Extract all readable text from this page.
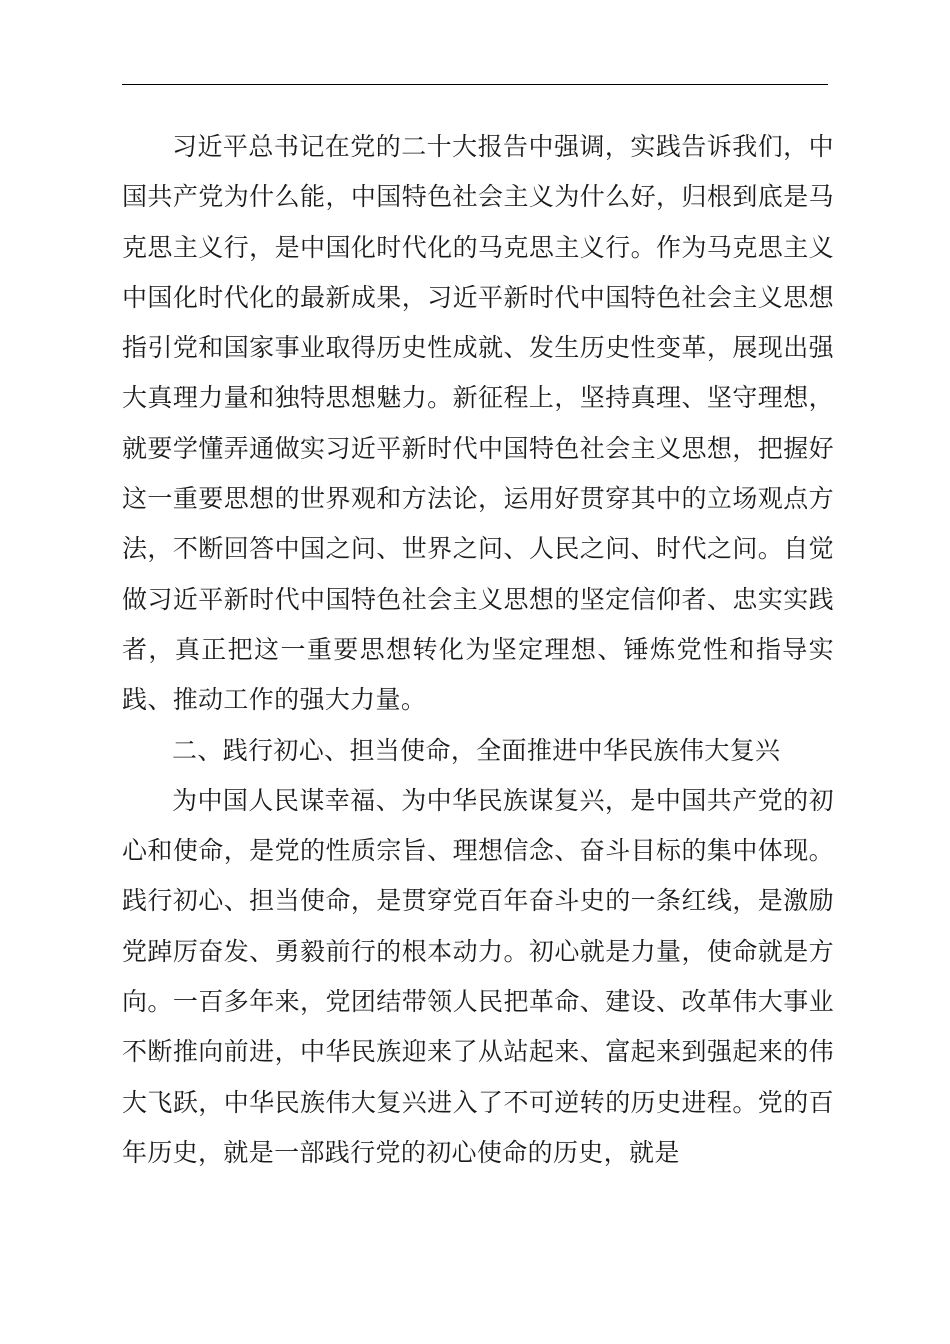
习近平总书记在党的二十大报告中强调，实践告诉我们，中国共产党为什么能，中国特色社会主义为什么好，归根到底是马克思主义行，是中国化时代化的马克思主义行。作为马克思主义中国化时代化的最新成果，习近平新时代中国特色社会主义思想指引党和国家事业取得历史性成就、发生历史性变革，展现出强大真理力量和独特思想魅力。新征程上，坚持真理、坚守理想，就要学懂弄通做实习近平新时代中国特色社会主义思想，把握好这一重要思想的世界观和方法论，运用好贯穿其中的立场观点方法，不断回答中国之问、世界之问、人民之问、时代之问。自觉做习近平新时代中国特色社会主义思想的坚定信仰者、忠实实践者，真正把这一重要思想转化为坚定理想、锤炼党性和指导实践、推动工作的强大力量。

二、践行初心、担当使命，全面推进中华民族伟大复兴

为中国人民谋幸福、为中华民族谋复兴，是中国共产党的初心和使命，是党的性质宗旨、理想信念、奋斗目标的集中体现。践行初心、担当使命，是贯穿党百年奋斗史的一条红线，是激励党踔厉奋发、勇毅前行的根本动力。初心就是力量，使命就是方向。一百多年来，党团结带领人民把革命、建设、改革伟大事业不断推向前进，中华民族迎来了从站起来、富起来到强起来的伟大飞跃，中华民族伟大复兴进入了不可逆转的历史进程。党的百年历史，就是一部践行党的初心使命的历史，就是
